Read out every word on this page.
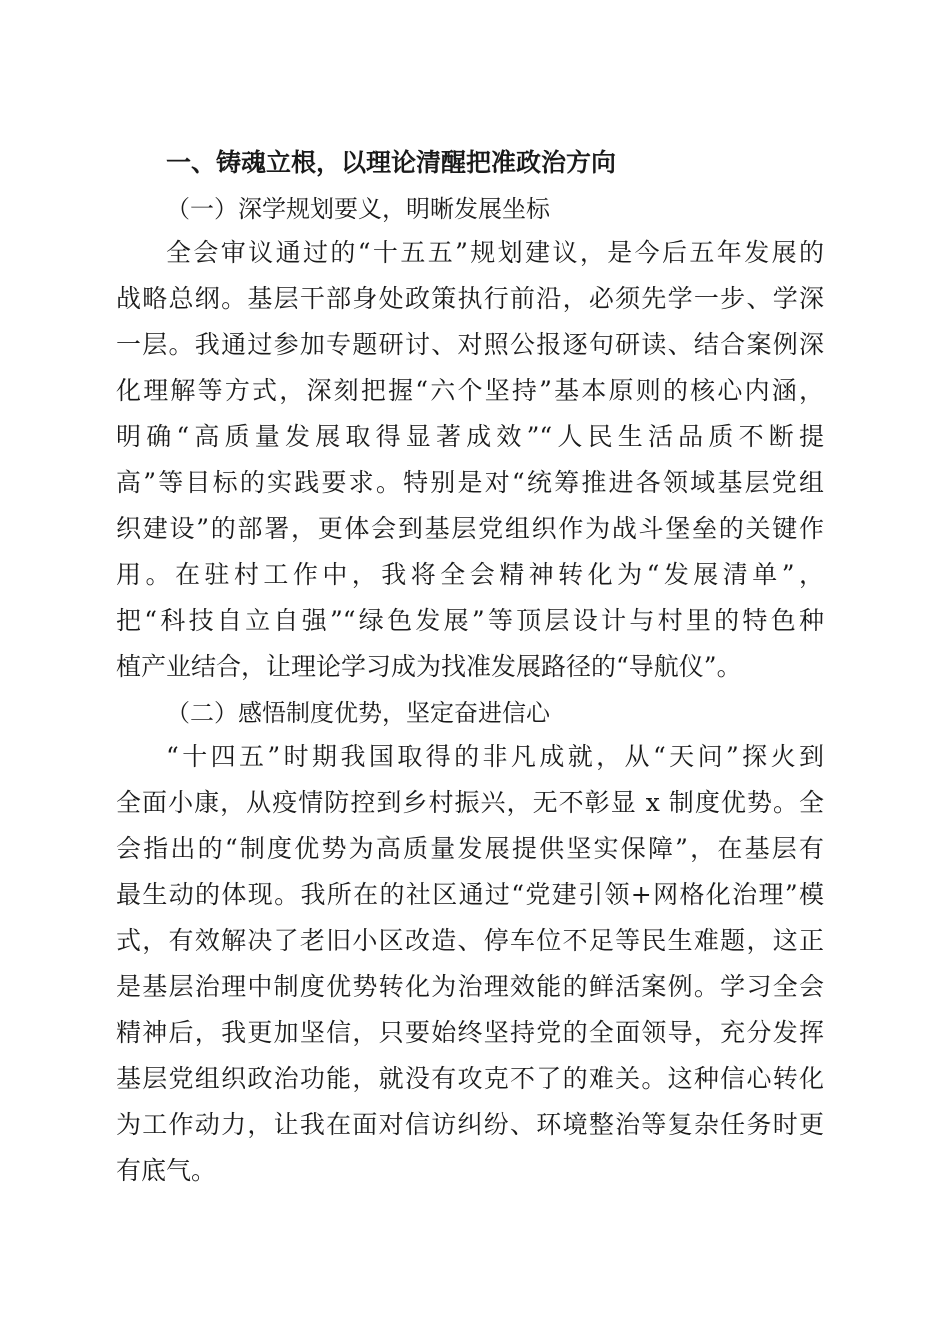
一、铸魂立根，以理论清醒把准政治方向
（一）深学规划要义，明晰发展坐标
全会审议通过的“十五五”规划建议，是今后五年发展的
战略总纲。基层干部身处政策执行前沿，必须先学一步、学深
一层。我通过参加专题研讨、对照公报逐句研读、结合案例深
化理解等方式，深刻把握“六个坚持”基本原则的核心内涵，
明确“高质量发展取得显著成效”“人民生活品质不断提
高”等目标的实践要求。特别是对“统筹推进各领域基层党组
织建设”的部署，更体会到基层党组织作为战斗堡垒的关键作
用。在驻村工作中，我将全会精神转化为“发展清单”，
把“科技自立自强”“绿色发展”等顶层设计与村里的特色种
植产业结合，让理论学习成为找准发展路径的“导航仪”。
（二）感悟制度优势，坚定奋进信心
“十四五”时期我国取得的非凡成就，从“天问”探火到
全面小康，从疫情防控到乡村振兴，无不彰显 x 制度优势。全
会指出的“制度优势为高质量发展提供坚实保障”，在基层有
最生动的体现。我所在的社区通过“党建引领+网格化治理”模
式，有效解决了老旧小区改造、停车位不足等民生难题，这正
是基层治理中制度优势转化为治理效能的鲜活案例。学习全会
精神后，我更加坚信，只要始终坚持党的全面领导，充分发挥
基层党组织政治功能，就没有攻克不了的难关。这种信心转化
为工作动力，让我在面对信访纠纷、环境整治等复杂任务时更
有底气。
